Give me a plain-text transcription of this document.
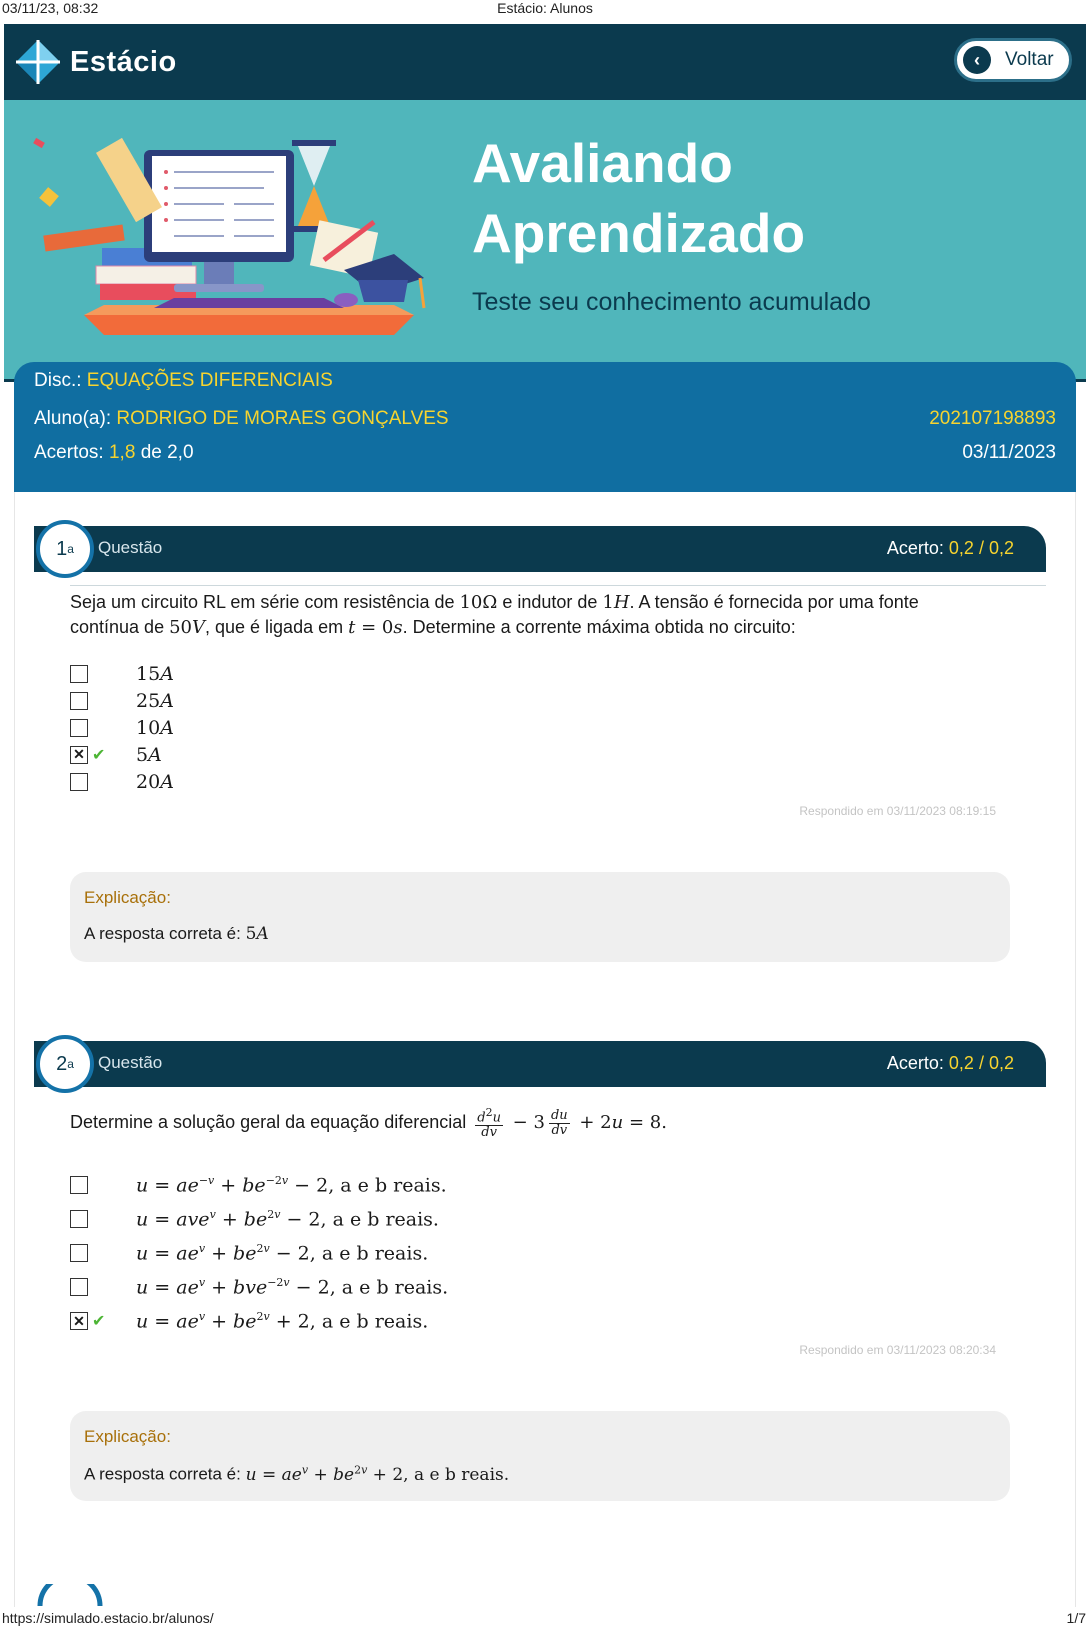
03/11/23, 08:32	Estácio: Alunos
Estácio	‹	Voltar
Avaliando
Aprendizado
Teste seu conhecimento acumulado
Disc.: EQUAÇÕES DIFERENCIAIS
Aluno(a): RODRIGO DE MORAES GONÇALVES	202107198893
Acertos: 1,8 de 2,0	03/11/2023
1 a Questão	Acerto: 0,2 / 0,2
Seja um circuito RL em série com resistência de 10Ω e indutor de 1H. A tensão é fornecida por uma fonte contínua de 50V, que é ligada em t = 0s. Determine a corrente máxima obtida no circuito:
15A
25A
10A
✕ ✔	5A
20A
Respondido em 03/11/2023 08:19:15
Explicação:
A resposta correta é: 5A
2 a Questão	Acerto: 0,2 / 0,2
Determine a solução geral da equação diferencial $\frac{d^2u}{dv} - 3 \frac{du}{dv} + 2u = 8$.
$u = ae^{-v} + be^{-2v} - 2$, a e b reais.
$u = ave^v + be^{2v} - 2$, a e b reais.
$u = ae^v + be^{2v} - 2$, a e b reais.
$u = ae^v + bve^{-2v} - 2$, a e b reais.
✕ ✔	$u = ae^v + be^{2v} + 2$, a e b reais.
Respondido em 03/11/2023 08:20:34
Explicação:
A resposta correta é: $u = ae^v + be^{2v} + 2$, a e b reais.
https://simulado.estacio.br/alunos/	1/7
